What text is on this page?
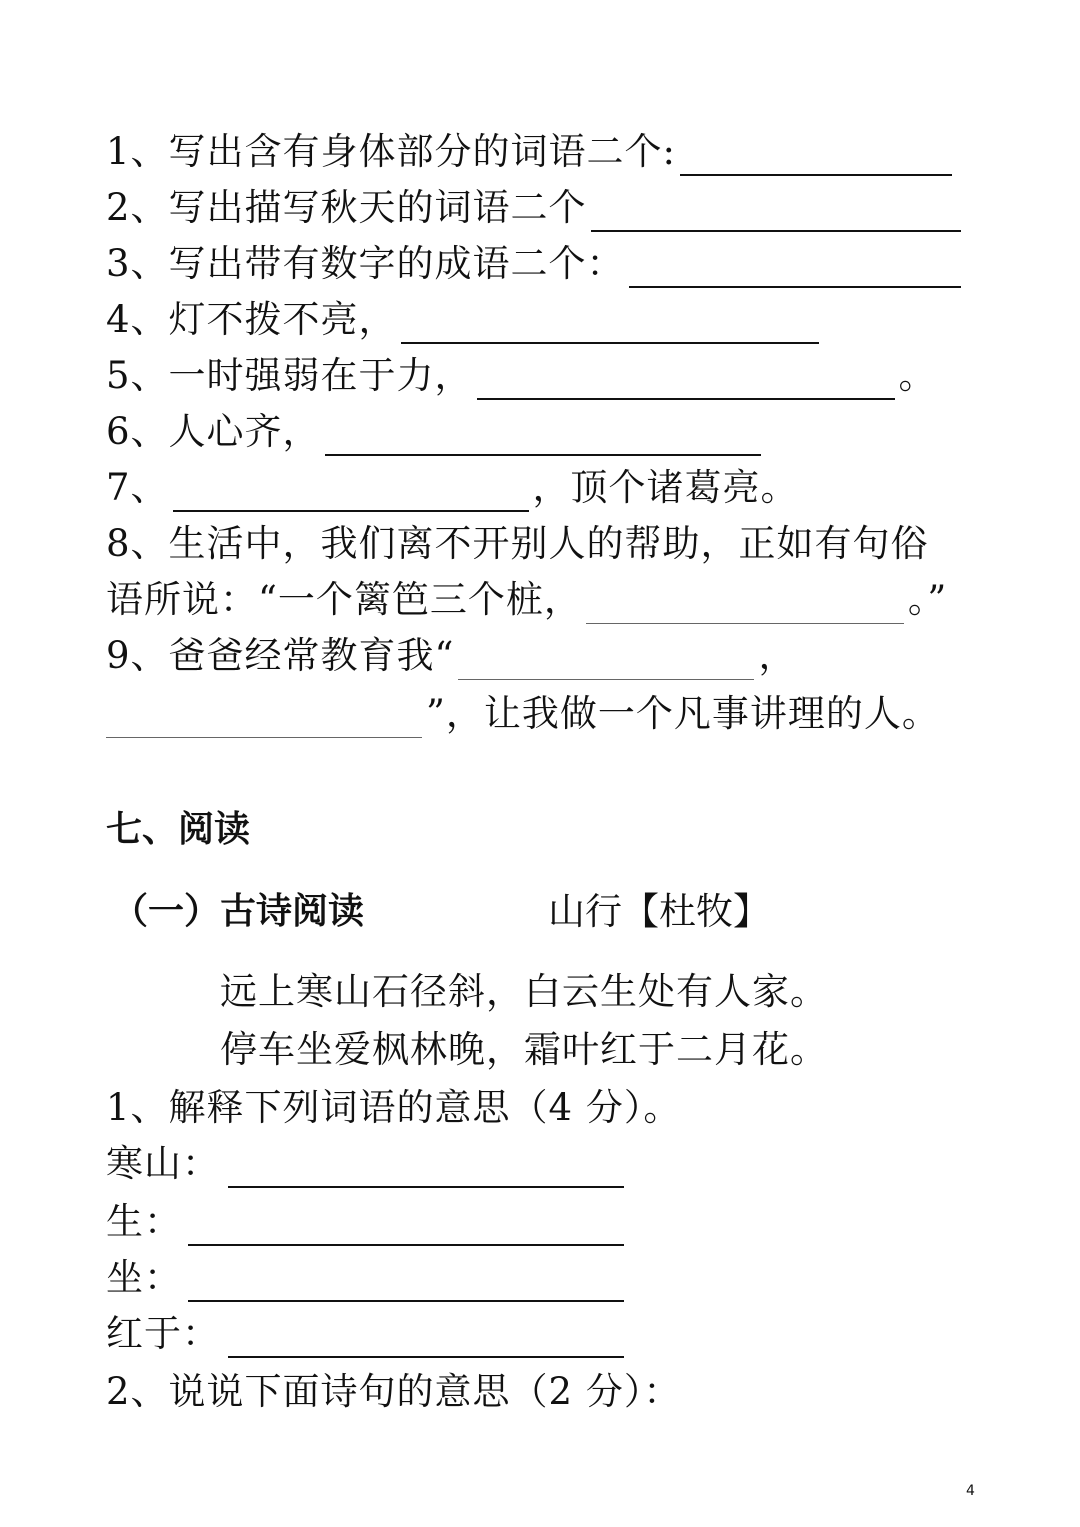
1、写出含有身体部分的词语二个:
2、写出描写秋天的词语二个
3、写出带有数字的成语二个：
4、灯不拨不亮，
5、一时强弱在于力，	。
6、人心齐，
7、	，顶个诸葛亮。
8、生活中，我们离不开别人的帮助，正如有句俗
语所说：“一个篱笆三个桩，	。”
9、爸爸经常教育我“	，
”，让我做一个凡事讲理的人。
七、阅读
（一）古诗阅读	山行【杜牧】
远上寒山石径斜，白云生处有人家。
停车坐爱枫林晚，霜叶红于二月花。
1、解释下列词语的意思（4 分）。
寒山：
生：
坐：
红于：
2、说说下面诗句的意思（2 分）：
4
